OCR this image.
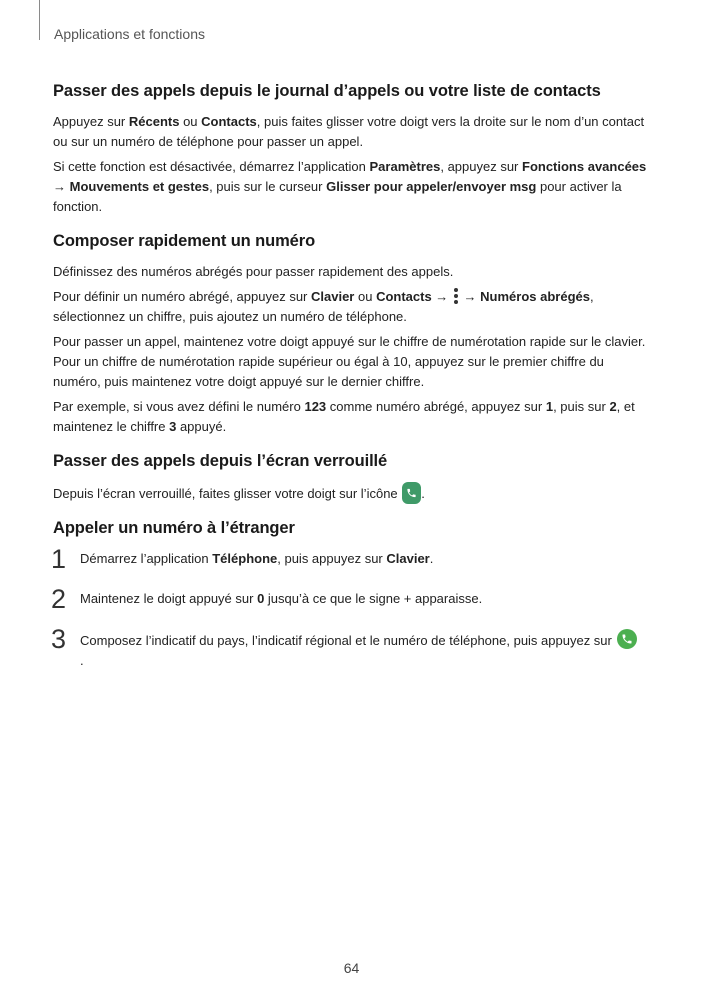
Applications et fonctions
Passer des appels depuis le journal d’appels ou votre liste de contacts

Appuyez sur Récents ou Contacts, puis faites glisser votre doigt vers la droite sur le nom d’un contact ou sur un numéro de téléphone pour passer un appel.

Si cette fonction est désactivée, démarrez l’application Paramètres, appuyez sur Fonctions avancées → Mouvements et gestes, puis sur le curseur Glisser pour appeler/envoyer msg pour activer la fonction.

Composer rapidement un numéro

Définissez des numéros abrégés pour passer rapidement des appels.

Pour définir un numéro abrégé, appuyez sur Clavier ou Contacts →
→ Numéros abrégés, sélectionnez un chiffre, puis ajoutez un numéro de téléphone.

Pour passer un appel, maintenez votre doigt appuyé sur le chiffre de numérotation rapide sur le clavier. Pour un chiffre de numérotation rapide supérieur ou égal à 10, appuyez sur le premier chiffre du numéro, puis maintenez votre doigt appuyé sur le dernier chiffre.

Par exemple, si vous avez défini le numéro 123 comme numéro abrégé, appuyez sur 1, puis sur 2, et maintenez le chiffre 3 appuyé.

Passer des appels depuis l’écran verrouillé

Depuis l’écran verrouillé, faites glisser votre doigt sur l’icône
.

Appeler un numéro à l’étranger
1 Démarrez l’application Téléphone, puis appuyez sur Clavier.
2 Maintenez le doigt appuyé sur 0 jusqu’à ce que le signe + apparaisse.
3 Composez l’indicatif du pays, l’indicatif régional et le numéro de téléphone, puis appuyez sur

.
64
